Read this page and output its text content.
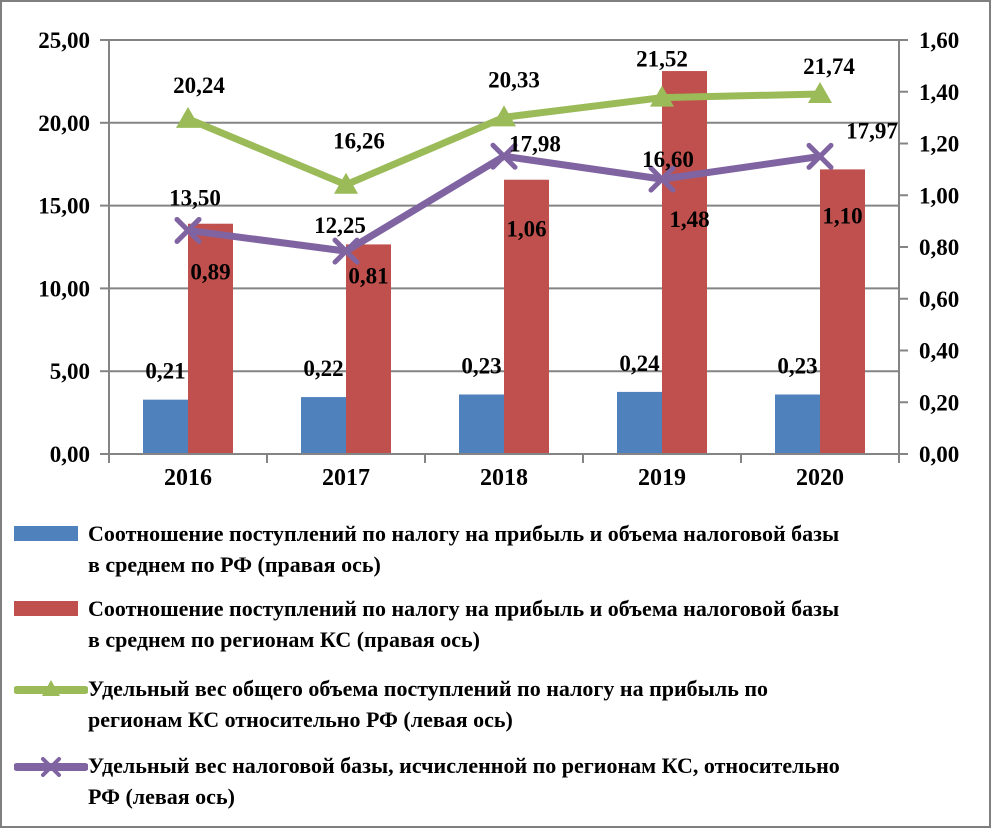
0,00
5,00
10,00
15,00
20,00
25,00
0,00
0,20
0,40
0,60
0,80
1,00
1,20
1,40
1,60
2016	2017	2018	2019	2020
0,21	0,22	0,23	0,24	0,23
0,89	0,81
1,06	1,48	1,10
20,24
16,26
20,33
21,52	21,74
13,50
12,25
17,98
16,60
17,97
Соотношение поступлений по налогу на прибыль и объема налоговой базы
в среднем по РФ (правая ось)
Соотношение поступлений по налогу на прибыль и объема налоговой базы
в среднем по регионам КС (правая ось)
Удельный вес общего объема поступлений по налогу на прибыль по
регионам КС относительно РФ (левая ось)
Удельный вес налоговой базы, исчисленной по регионам КС, относительно
РФ (левая ось)
